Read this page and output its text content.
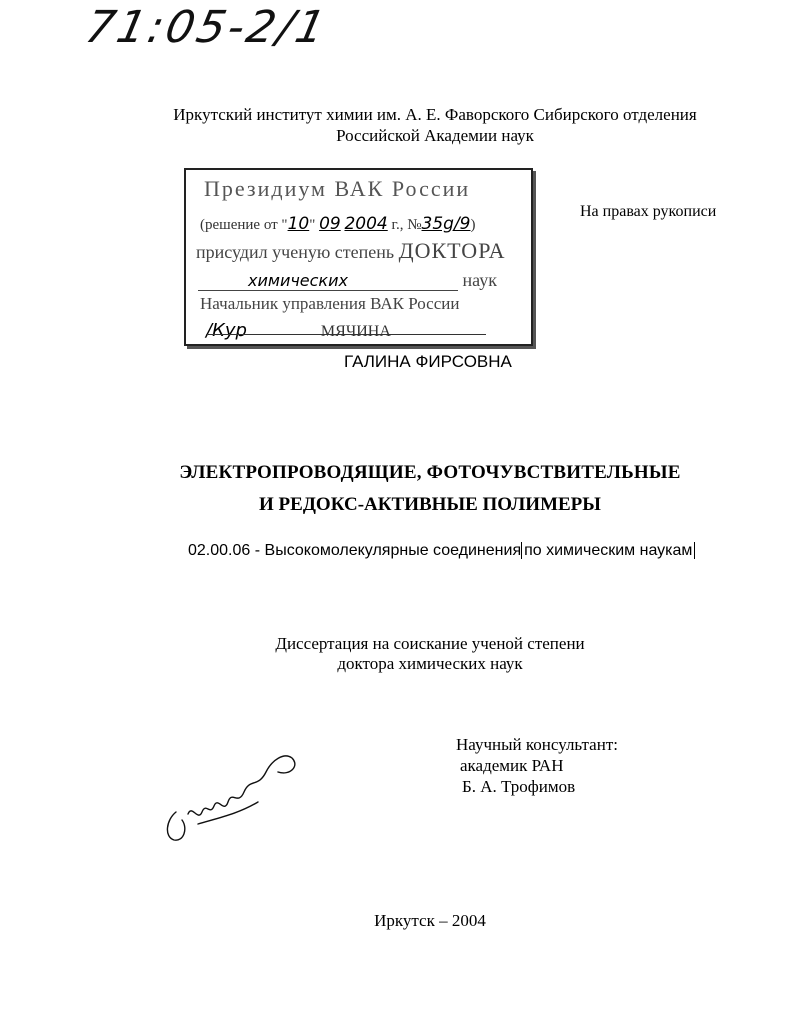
71:05-2/1
Иркутский институт химии им. А. Е. Фаворского Сибирского отделения
Российской Академии наук
Президиум ВАК России
(решение от "10" 09 2004 г., №35g/9)
присудил ученую степень ДОКТОРА
химических	наук
Начальник управления ВАК России
/Кур	МЯЧИНА
На правах рукописи
ГАЛИНА ФИРСОВНА
ЭЛЕКТРОПРОВОДЯЩИЕ, ФОТОЧУВСТВИТЕЛЬНЫЕ
И РЕДОКС-АКТИВНЫЕ ПОЛИМЕРЫ
02.00.06 - Высокомолекулярные соединения по химическим наукам
Диссертация на соискание ученой степени
доктора химических наук
Научный консультант:
академик РАН
Б. А. Трофимов
Иркутск – 2004
